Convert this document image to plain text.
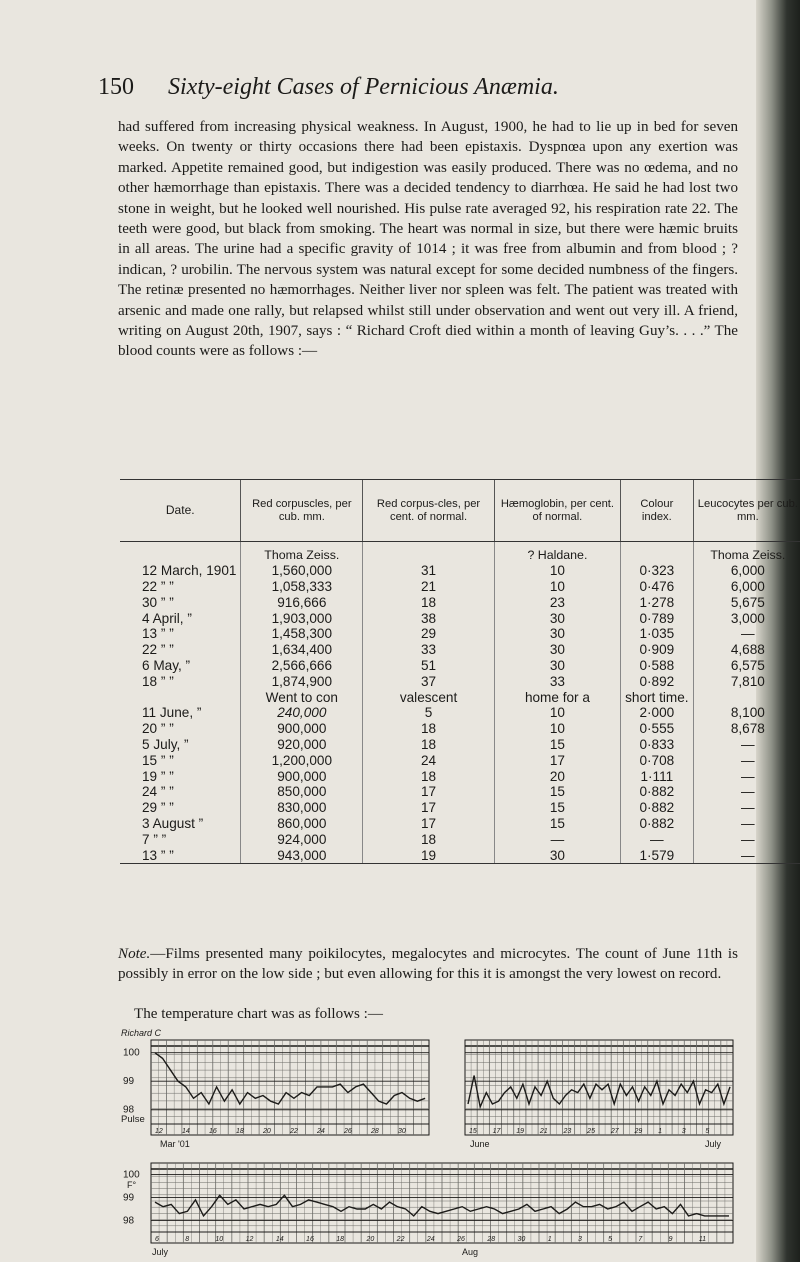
150 Sixty-eight Cases of Pernicious Anæmia.

had suffered from increasing physical weakness. In August, 1900, he had to lie up in bed for seven weeks. On twenty or thirty occasions there had been epistaxis. Dyspnœa upon any exertion was marked. Appetite remained good, but indigestion was easily produced. There was no œdema, and no other hæmorrhage than epistaxis. There was a decided tendency to diarrhœa. He said he had lost two stone in weight, but he looked well nourished. His pulse rate averaged 92, his respiration rate 22. The teeth were good, but black from smoking. The heart was normal in size, but there were hæmic bruits in all areas. The urine had a specific gravity of 1014 ; it was free from albumin and from blood ; ? indican, ? urobilin. The nervous system was natural except for some decided numbness of the fingers. The retinæ presented no hæmorrhages. Neither liver nor spleen was felt. The patient was treated with arsenic and made one rally, but relapsed whilst still under observation and went out very ill. A friend, writing on August 20th, 1907, says : “ Richard Croft died within a month of leaving Guy’s. . . .” The blood counts were as follows :—

Date.	Red corpuscles, per cub. mm.	Red corpus-cles, per cent. of normal.	Hæmoglobin, per cent. of normal.	Colour index.	Leucocytes per cub. mm.
	Thoma Zeiss.		? Haldane.		Thoma Zeiss.
12 March, 1901	1,560,000	31	10	0·323	6,000
22 ” ”	1,058,333	21	10	0·476	6,000
30 ” ”	916,666	18	23	1·278	5,675
4 April, ”	1,903,000	38	30	0·789	3,000
13 ” ”	1,458,300	29	30	1·035	—
22 ” ”	1,634,400	33	30	0·909	4,688
6 May, ”	2,566,666	51	30	0·588	6,575
18 ” ”	1,874,900	37	33	0·892	7,810
	Went to con	valescent	home for a	short time.	
11 June, ”	240,000	5	10	2·000	8,100
20 ” ”	900,000	18	10	0·555	8,678
5 July, ”	920,000	18	15	0·833	—
15 ” ”	1,200,000	24	17	0·708	—
19 ” ”	900,000	18	20	1·111	—
24 ” ”	850,000	17	15	0·882	—
29 ” ”	830,000	17	15	0·882	—
3 August ”	860,000	17	15	0·882	—
7 ” ”	924,000	18	—	—	—
13 ” ”	943,000	19	30	1·579	—

Note.—Films presented many poikilocytes, megalocytes and microcytes. The count of June 11th is possibly in error on the low side ; but even allowing for this it is amongst the very lowest on record.

The temperature chart was as follows :—
Richard C
100
99
98
Pulse
12	14	16	18	20	22	24	26	28	30	15 17 19 21 23 25 27 29 1	3	5
100
99
98
F°
6	8	10	12	14	16	18	20	22	24	26	28	30	1	3	5	7	9	11
Mar '01	June	July
July	Aug
